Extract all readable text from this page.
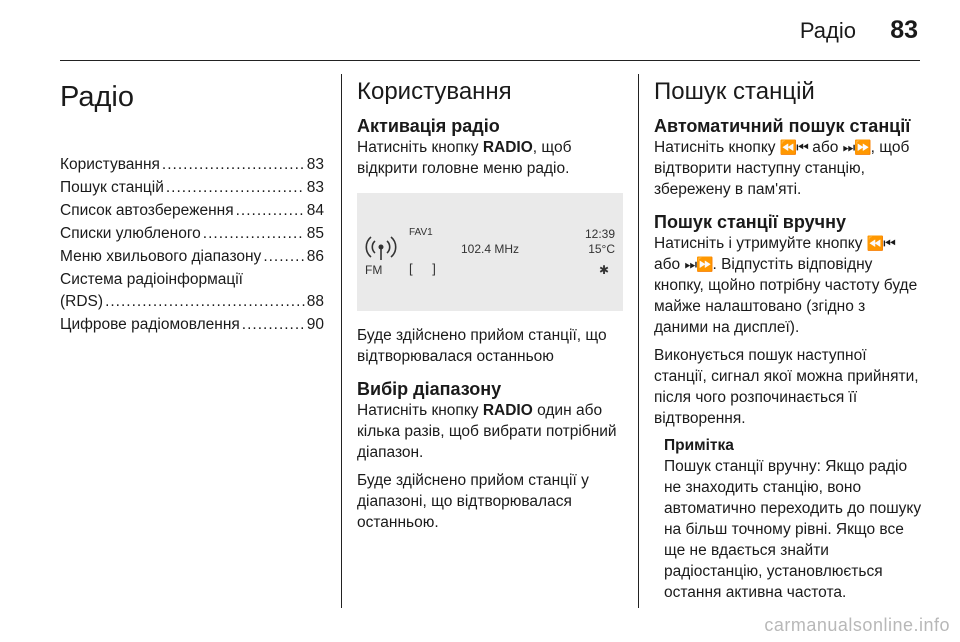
Радіо 83
Радіо
Користування .....	83
Пошук станцій .....	83
Список автозбереження .....	84
Списки улюбленого .....	85
Меню хвильового діапазону .....	86
Система радіоінформації
(RDS) .....	88
Цифрове радіомовлення .....	90
Користування
Активація радіо

Натисніть кнопку RADIO, щоб відкрити головне меню радіо.

FAV1
102.4 MHz
12:39
15°C
FM [ ]	✱

Буде здійснено прийом станції, що відтворювалася останньою

Вибір діапазону

Натисніть кнопку RADIO один або кілька разів, щоб вибрати потрібний діапазон.

Буде здійснено прийом станції у діапазоні, що відтворювалася останньою.

Пошук станцій
Автоматичний пошук станції

Натисніть кнопку ⏪⏮ або ⏭⏩, щоб відтворити наступну станцію, збережену в пам'яті.

Пошук станції вручну

Натисніть і утримуйте кнопку ⏪⏮ або ⏭⏩. Відпустіть відповідну кнопку, щойно потрібну частоту буде майже налаштовано (згідно з даними на дисплеї).

Виконується пошук наступної станції, сигнал якої можна прийняти, після чого розпочинається її відтворення.

Примітка

Пошук станції вручну: Якщо радіо не знаходить станцію, воно автоматично переходить до пошуку на більш точному рівні. Якщо все ще не вдається знайти радіостанцію, установлюється остання активна частота.

carmanualsonline.info
